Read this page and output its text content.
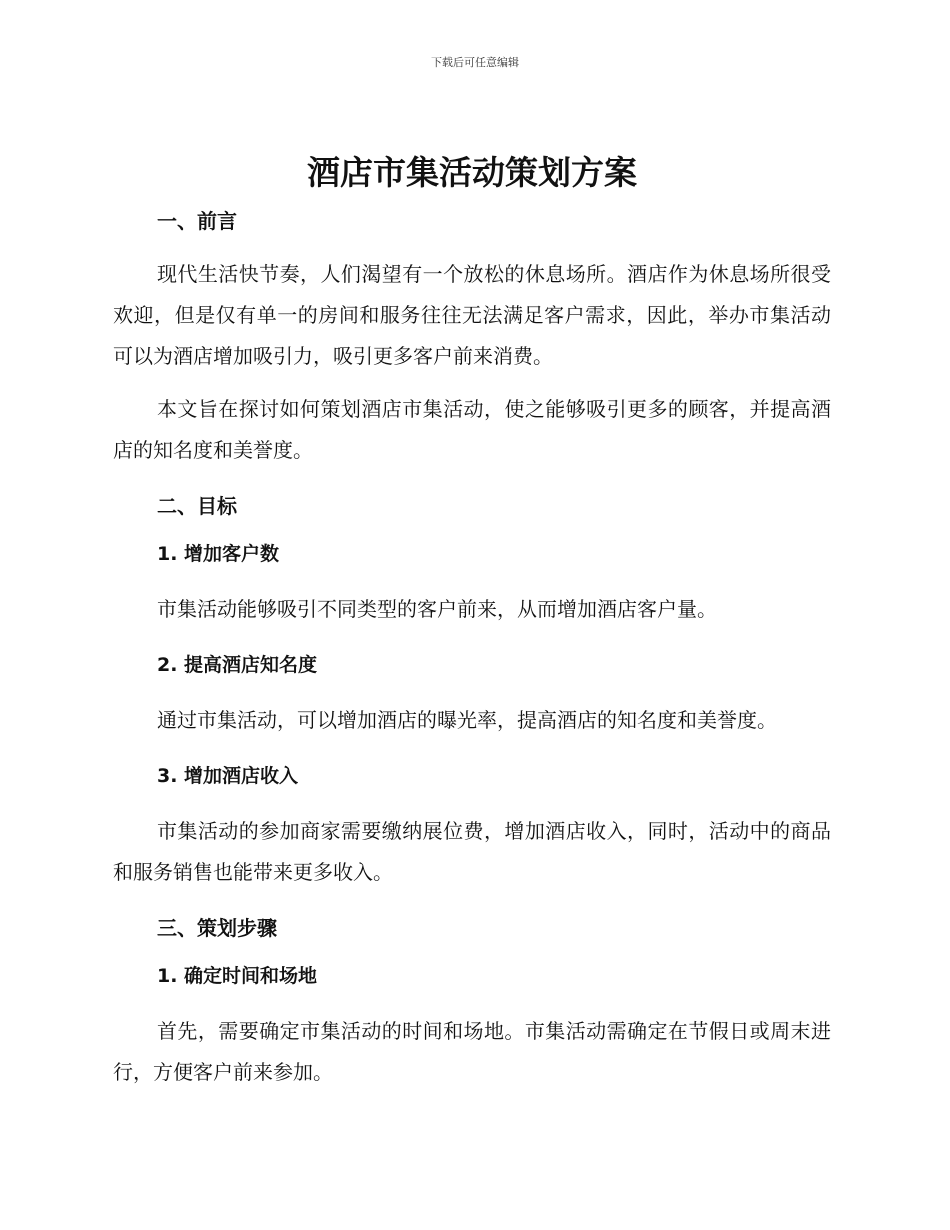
下载后可任意编辑
酒店市集活动策划方案
一、前言

现代生活快节奏，人们渴望有一个放松的休息场所。酒店作为休息场所很受欢迎，但是仅有单一的房间和服务往往无法满足客户需求，因此，举办市集活动可以为酒店增加吸引力，吸引更多客户前来消费。

本文旨在探讨如何策划酒店市集活动，使之能够吸引更多的顾客，并提高酒店的知名度和美誉度。

二、目标
1. 增加客户数

市集活动能够吸引不同类型的客户前来，从而增加酒店客户量。

2. 提高酒店知名度

通过市集活动，可以增加酒店的曝光率，提高酒店的知名度和美誉度。

3. 增加酒店收入

市集活动的参加商家需要缴纳展位费，增加酒店收入，同时，活动中的商品和服务销售也能带来更多收入。

三、策划步骤
1. 确定时间和场地

首先，需要确定市集活动的时间和场地。市集活动需确定在节假日或周末进行，方便客户前来参加。
